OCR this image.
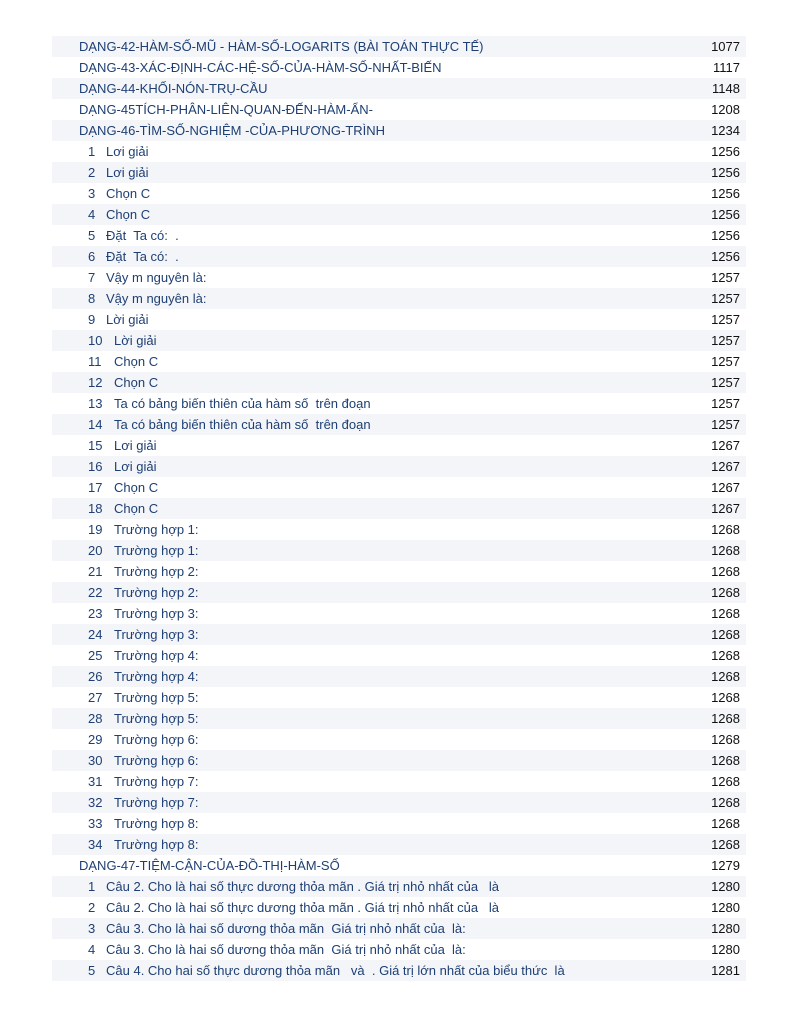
DẠNG-42-HÀM-SỐ-MŨ - HÀM-SỐ-LOGARITS (BÀI TOÁN THỰC TẾ)	1077
DẠNG-43-XÁC-ĐỊNH-CÁC-HỆ-SỐ-CỦA-HÀM-SỐ-NHẤT-BIẾN	1117
DẠNG-44-KHỐI-NÓN-TRỤ-CẦU	1148
DẠNG-45TÍCH-PHÂN-LIÊN-QUAN-ĐẾN-HÀM-ẨN-	1208
DẠNG-46-TÌM-SỐ-NGHIỆM -CỦA-PHƯƠNG-TRÌNH	1234
1 Lơi giải	1256
2 Lơi giải	1256
3 Chọn C	1256
4 Chọn C	1256
5 Đặt  Ta có:  .	1256
6 Đặt  Ta có:  .	1256
7 Vậy m nguyên là:	1257
8 Vậy m nguyên là:	1257
9 Lời giải	1257
10 Lời giải	1257
11 Chọn C	1257
12 Chọn C	1257
13 Ta có bảng biến thiên của hàm số  trên đoạn	1257
14 Ta có bảng biến thiên của hàm số  trên đoạn	1257
15 Lơi giải	1267
16 Lơi giải	1267
17 Chọn C	1267
18 Chọn C	1267
19 Trường hợp 1:	1268
20 Trường hợp 1:	1268
21 Trường hợp 2:	1268
22 Trường hợp 2:	1268
23 Trường hợp 3:	1268
24 Trường hợp 3:	1268
25 Trường hợp 4:	1268
26 Trường hợp 4:	1268
27 Trường hợp 5:	1268
28 Trường hợp 5:	1268
29 Trường hợp 6:	1268
30 Trường hợp 6:	1268
31 Trường hợp 7:	1268
32 Trường hợp 7:	1268
33 Trường hợp 8:	1268
34 Trường hợp 8:	1268
DẠNG-47-TIỆM-CẬN-CỦA-ĐỒ-THỊ-HÀM-SỐ	1279
1 Câu 2. Cho là hai số thực dương thỏa mãn . Giá trị nhỏ nhất của   là	1280
2 Câu 2. Cho là hai số thực dương thỏa mãn . Giá trị nhỏ nhất của   là	1280
3 Câu 3. Cho là hai số dương thỏa mãn  Giá trị nhỏ nhất của  là:	1280
4 Câu 3. Cho là hai số dương thỏa mãn  Giá trị nhỏ nhất của  là:	1280
5 Câu 4. Cho hai số thực dương thỏa mãn   và  . Giá trị lớn nhất của biểu thức  là	1281
